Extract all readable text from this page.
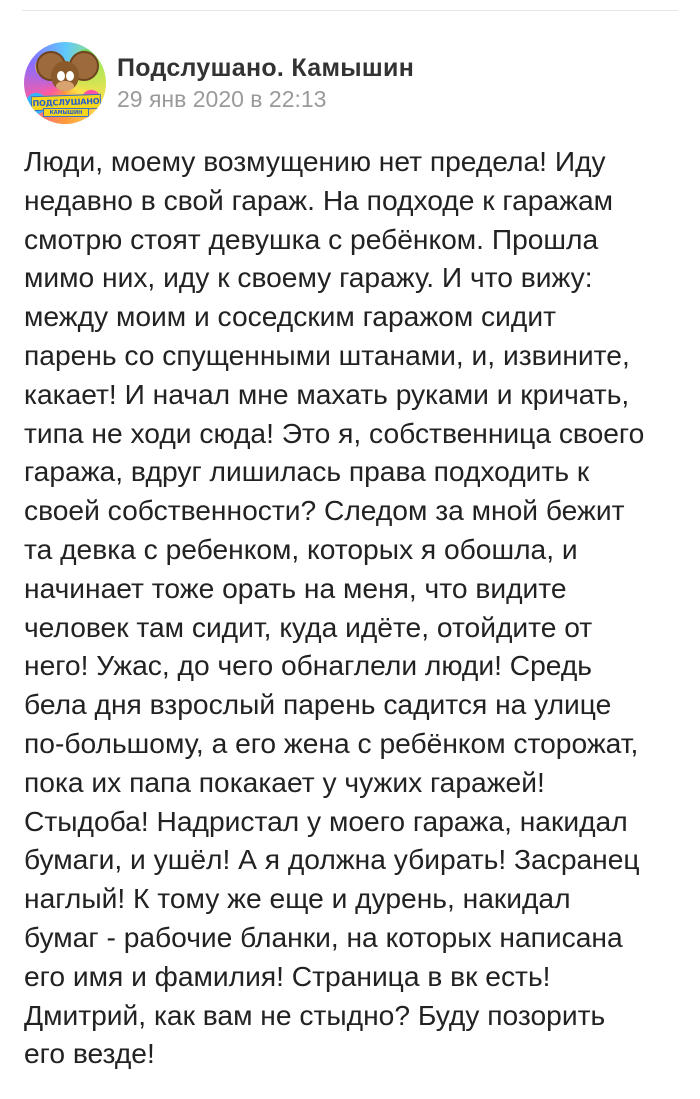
ПОДСЛУШАНО
КАМЫШИН
Подслушано. Камышин
29 янв 2020 в 22:13
Люди, моему возмущению нет предела! Иду
недавно в свой гараж. На подходе к гаражам
смотрю стоят девушка с ребёнком. Прошла
мимо них, иду к своему гаражу. И что вижу:
между моим и соседским гаражом сидит
парень со спущенными штанами, и, извините,
какает! И начал мне махать руками и кричать,
типа не ходи сюда! Это я, собственница своего
гаража, вдруг лишилась права подходить к
своей собственности? Следом за мной бежит
та девка с ребенком, которых я обошла, и
начинает тоже орать на меня, что видите
человек там сидит, куда идёте, отойдите от
него! Ужас, до чего обнаглели люди! Средь
бела дня взрослый парень садится на улице
по-большому, а его жена с ребёнком сторожат,
пока их папа покакает у чужих гаражей!
Стыдоба! Надристал у моего гаража, накидал
бумаги, и ушёл! А я должна убирать! Засранец
наглый! К тому же еще и дурень, накидал
бумаг - рабочие бланки, на которых написана
его имя и фамилия! Страница в вк есть!
Дмитрий, как вам не стыдно? Буду позорить
его везде!
